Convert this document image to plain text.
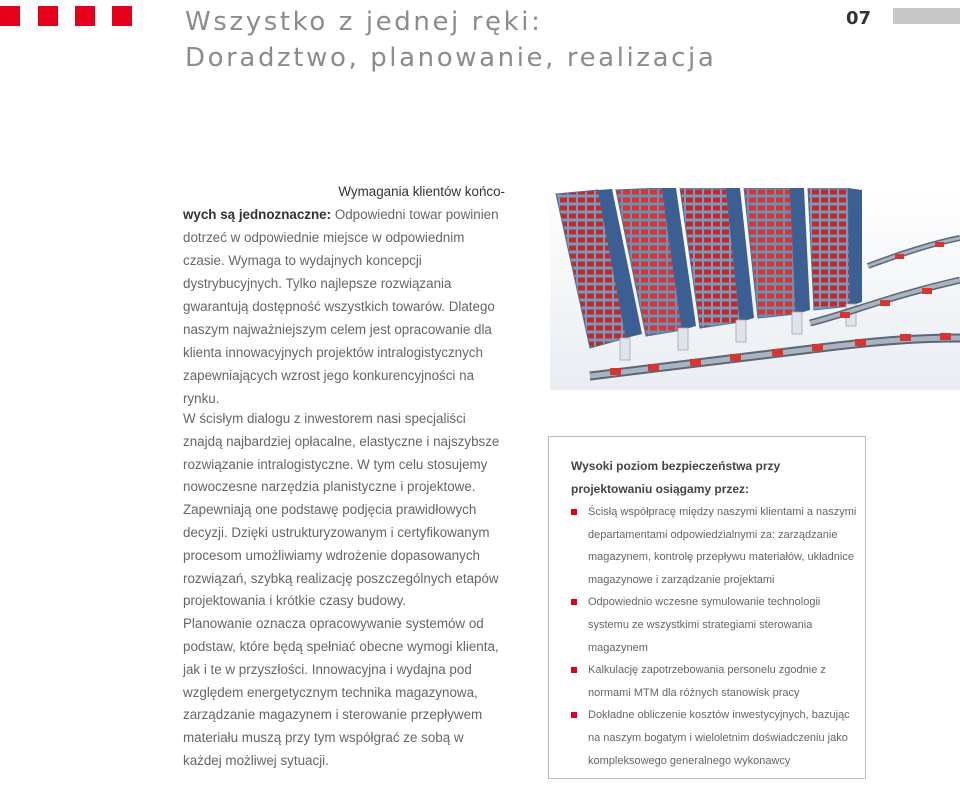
Wszystko z jednej ręki:
Doradztwo, planowanie, realizacja
07

Wymagania klientów końco-

wych są jednoznaczne: Odpowiedni towar powinien dotrzeć w odpowiednie miejsce w odpowiednim czasie. Wymaga to wydajnych koncepcji dystrybucyjnych. Tylko najlepsze rozwiązania gwarantują dostępność wszystkich towarów. Dlatego naszym najważniejszym celem jest opracowanie dla klienta innowacyjnych projektów intralogistycznych zapewniających wzrost jego konkurencyjności na rynku.

W ścisłym dialogu z inwestorem nasi specjaliści znajdą najbardziej opłacalne, elastyczne i najszybsze rozwiązanie intralogistyczne. W tym celu stosujemy nowoczesne narzędzia planistyczne i projektowe. Zapewniają one podstawę podjęcia prawidłowych decyzji. Dzięki ustrukturyzowanym i certyfikowanym procesom umożliwiamy wdrożenie dopasowanych rozwiązań, szybką realizację poszczególnych etapów projektowania i krótkie czasy budowy.

Planowanie oznacza opracowywanie systemów od podstaw, które będą spełniać obecne wymogi klienta, jak i te w przyszłości. Innowacyjna i wydajna pod względem energetycznym technika magazynowa, zarządzanie magazynem i sterowanie przepływem materiału muszą przy tym współgrać ze sobą w każdej możliwej sytuacji.

Wysoki poziom bezpieczeństwa przy projektowaniu osiągamy przez:

Ścisłą współpracę między naszymi klientami a naszymi departamentami odpowiedzialnymi za: zarządzanie magazynem, kontrolę przepływu materiałów, układnice magazynowe i zarządzanie projektami
Odpowiednio wczesne symulowanie technologii systemu ze wszystkimi strategiami sterowania magazynem
Kalkulację zapotrzebowania personelu zgodnie z normami MTM dla różnych stanowisk pracy
Dokładne obliczenie kosztów inwestycyjnych, bazując na naszym bogatym i wieloletnim doświadczeniu jako kompleksowego generalnego wykonawcy
